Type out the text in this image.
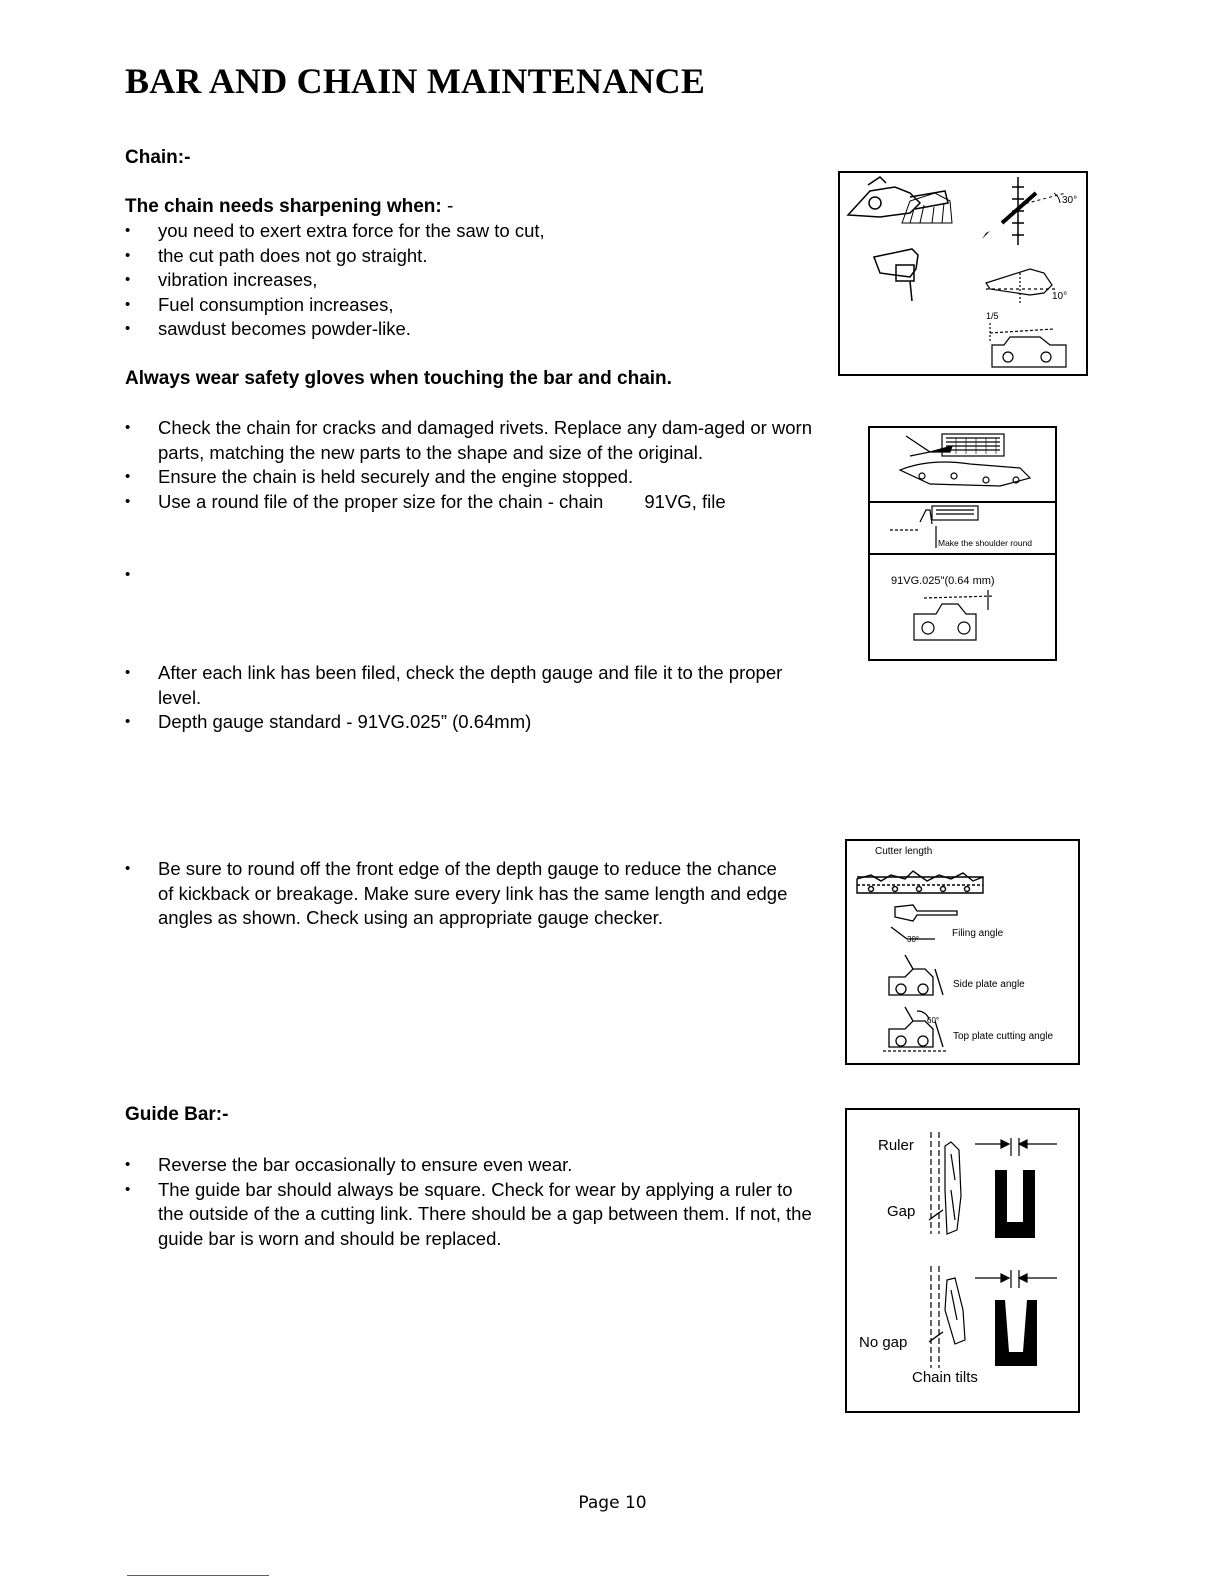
BAR AND CHAIN MAINTENANCE

Chain:-

The chain needs sharpening when: -

• you need to exert extra force for the saw to cut,
• the cut path does not go straight.
• vibration increases,
• Fuel consumption increases,
• sawdust becomes powder-like.

Always wear safety gloves when touching the bar and chain.

• Check the chain for cracks and damaged rivets. Replace any dam-aged or worn parts, matching the new parts to the shape and size of the original.
• Ensure the chain is held securely and the engine stopped.
• Use a round file of the proper size for the chain - chain        91VG, file
•
• After each link has been filed, check the depth gauge and file it to the proper level.
• Depth gauge standard - 91VG.025” (0.64mm)
• Be sure to round off the front edge of the depth gauge to reduce the chance of kickback or breakage. Make sure every link has the same length and edge angles as shown. Check using an appropriate gauge checker.

Guide Bar:-

• Reverse the bar occasionally to ensure even wear.
• The guide bar should always be square. Check for wear by applying a ruler to the outside of the a cutting link. There should be a gap between them. If not, the guide bar is worn and should be replaced.
30°
10°
1/5
Make the shoulder round
91VG.025"(0.64 mm)
Cutter length
30°
Filing angle
Side plate angle
60°
Top plate cutting angle
Ruler
Gap
No gap
Chain tilts
Page 10
